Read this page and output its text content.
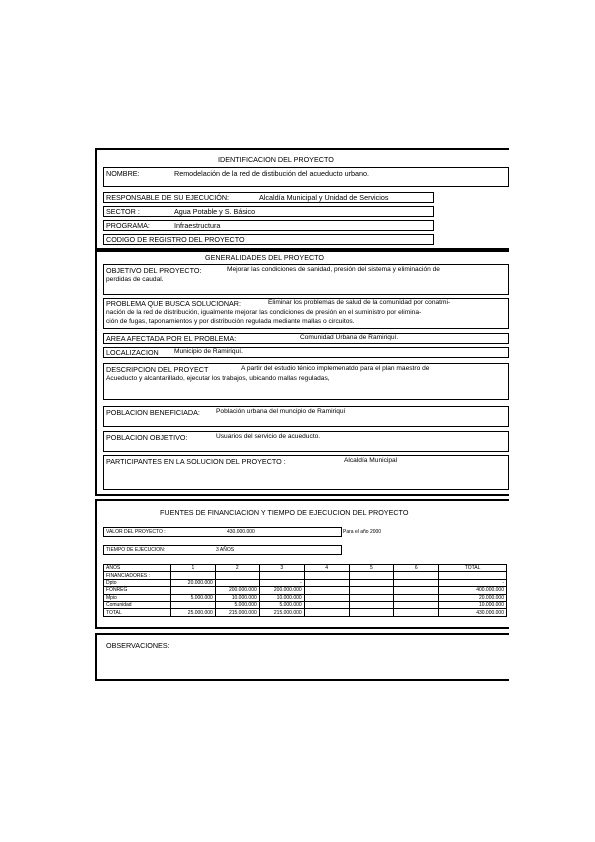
IDENTIFICACION DEL PROYECTO
NOMBRE:	Remodelación de la red de distibución del acueducto urbano.
RESPONSABLE DE SU EJECUCIÓN:	Alcaldía Municipal y Unidad de Servicios
SECTOR :	Agua Potable y S. Básico
PROGRAMA:	Infraestructura
CODIGO DE REGISTRO DEL PROYECTO
GENERALIDADES DEL PROYECTO
OBJETIVO DEL PROYECTO:	Mejorar las condiciones de sanidad, presión del sistema y eliminación de
perdidas de caudal.
PROBLEMA QUE BUSCA SOLUCIONAR:	Eliminar los problemas de salud de la comunidad por conatmi-
nación de la red de distribución, igualmente mejorar las condiciones de presión en el suministro por elimina-
ción de fugas, taponamientos y por distribución regulada mediante mallas o circuitos.
AREA AFECTADA POR EL PROBLEMA:	Comunidad Urbana de Ramiriquí.
LOCALIZACION Municipio de Ramiriquí.
DESCRIPCION DEL PROYECT	A partir del estudio ténico implemenatdo para el plan maestro de
Acueducto y alcantarillado, ejecutar los trabajos, ubicando mallas reguladas,
POBLACION BENEFICIADA: Población urbana del muncipio de Ramiriquí
POBLACION OBJETIVO:	Usuarios del servicio de acueducto.
PARTICIPANTES EN LA SOLUCION DEL PROYECTO :	Alcaldía Municipal
FUENTES DE FINANCIACION Y TIEMPO DE EJECUCION DEL PROYECTO
VALOR DEL PROYECTO :	430.000.000	Para el año 2000
TIEMPO DE EJECUCION:	3 AÑOS
AÑOS	1	2	3	4	5	6	TOTAL
FINANCIADORES :							
Dpto	20.000.000		-				-
FONREG		200.000.000	200.000.000				400.000.000
Mpio	5.000.000	10.000.000	10.000.000				20.000.000
Comunidad		5.000.000	5.000.000				10.000.000
TOTAL	25.000.000	215.000.000	215.000.000				430.000.000
OBSERVACIONES:
